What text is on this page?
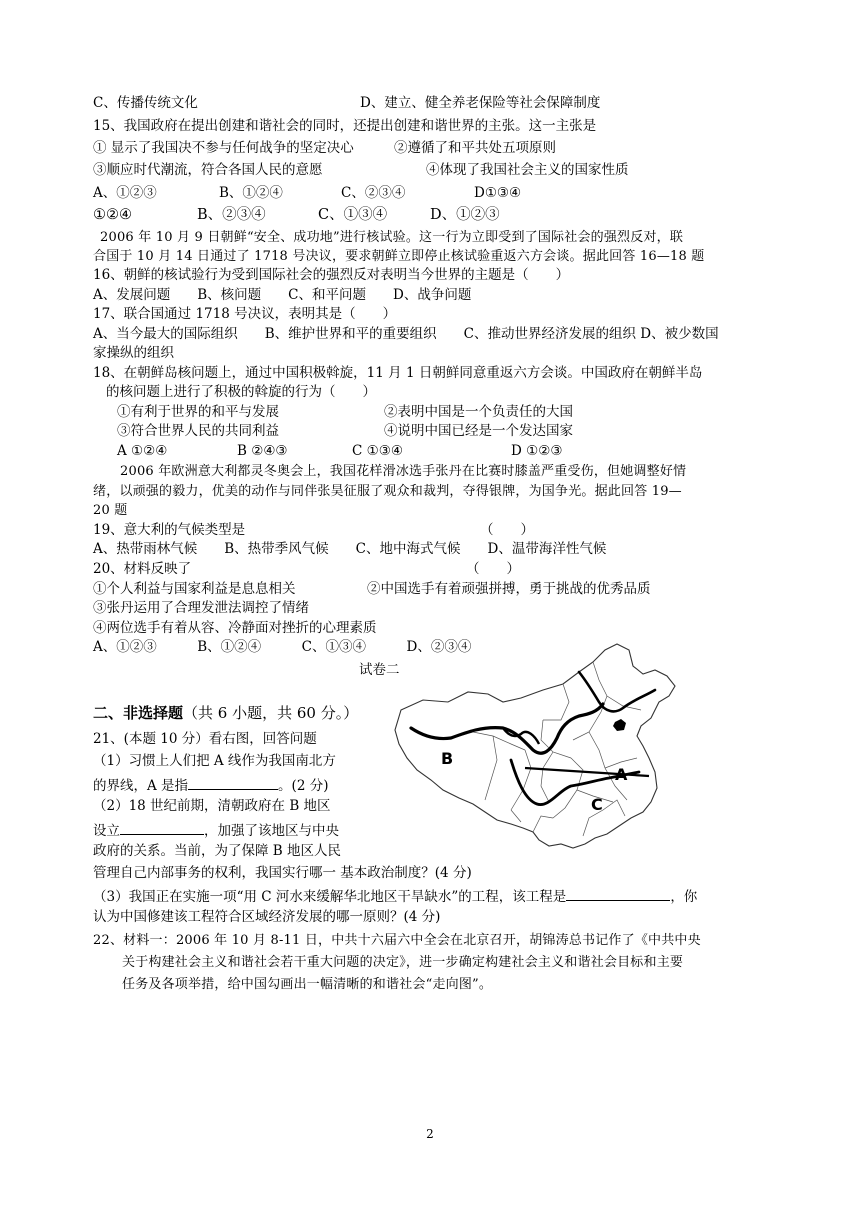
C、传播传统文化	D、建立、健全养老保险等社会保障制度
15、我国政府在提出创建和谐社会的同时，还提出创建和谐世界的主张。这一主张是
① 显示了我国决不参与任何战争的坚定决心	②遵循了和平共处五项原则
③顺应时代潮流，符合各国人民的意愿	④体现了我国社会主义的国家性质
A、①②③	B、①②④	C、②③④	D①③④
①②④	B、②③④	C、①③④	D、①②③
2006 年 10 月 9 日朝鲜“安全、成功地”进行核试验。这一行为立即受到了国际社会的强烈反对，联
合国于 10 月 14 日通过了 1718 号决议，要求朝鲜立即停止核试验重返六方会谈。据此回答 16—18 题
16、朝鲜的核试验行为受到国际社会的强烈反对表明当今世界的主题是（　　）
A、发展问题　　B、核问题　　C、和平问题　　D、战争问题
17、联合国通过 1718 号决议，表明其是（　　）
A、当今最大的国际组织　　B、维护世界和平的重要组织　　C、推动世界经济发展的组织 D、被少数国
家操纵的组织
18、在朝鲜岛核问题上，通过中国积极斡旋，11 月 1 日朝鲜同意重返六方会谈。中国政府在朝鲜半岛
的核问题上进行了积极的斡旋的行为（　　）
①有利于世界的和平与发展	②表明中国是一个负责任的大国
③符合世界人民的共同利益	④说明中国已经是一个发达国家
A ①②④	B ②④③	C ①③④	D ①②③
2006 年欧洲意大利都灵冬奥会上，我国花样滑冰选手张丹在比赛时膝盖严重受伤，但她调整好情
绪，以顽强的毅力，优美的动作与同伴张昊征服了观众和裁判，夺得银牌，为国争光。据此回答 19—
20 题
19、意大利的气候类型是	（　　）
A、热带雨林气候　　B、热带季风气候　　C、地中海式气候　　D、温带海洋性气候
20、材料反映了	（　　）
①个人利益与国家利益是息息相关	②中国选手有着顽强拼搏，勇于挑战的优秀品质
③张丹运用了合理发泄法调控了情绪
④两位选手有着从容、冷静面对挫折的心理素质
A、①②③　　　B、①②④　　　C、①③④　　　D、②③④
试卷二
二、非选择题（共 6 小题，共 60 分。）
B
A
C
21、(本题 10 分）看右图，回答问题
（1）习惯上人们把 A 线作为我国南北方
的界线，A 是指	。(2 分)
（2）18 世纪前期，清朝政府在 B 地区
设立	，加强了该地区与中央
政府的关系。当前，为了保障 B 地区人民
管理自己内部事务的权利，我国实行哪一 基本政治制度？(4 分)
（3）我国正在实施一项“用 C 河水来缓解华北地区干旱缺水”的工程，该工程是	，你
认为中国修建该工程符合区域经济发展的哪一原则？(4 分)
22、材料一：2006 年 10 月 8-11 日，中共十六届六中全会在北京召开，胡锦涛总书记作了《中共中央
关于构建社会主义和谐社会若干重大问题的决定》，进一步确定构建社会主义和谐社会目标和主要
任务及各项举措，给中国勾画出一幅清晰的和谐社会“走向图”。
2
